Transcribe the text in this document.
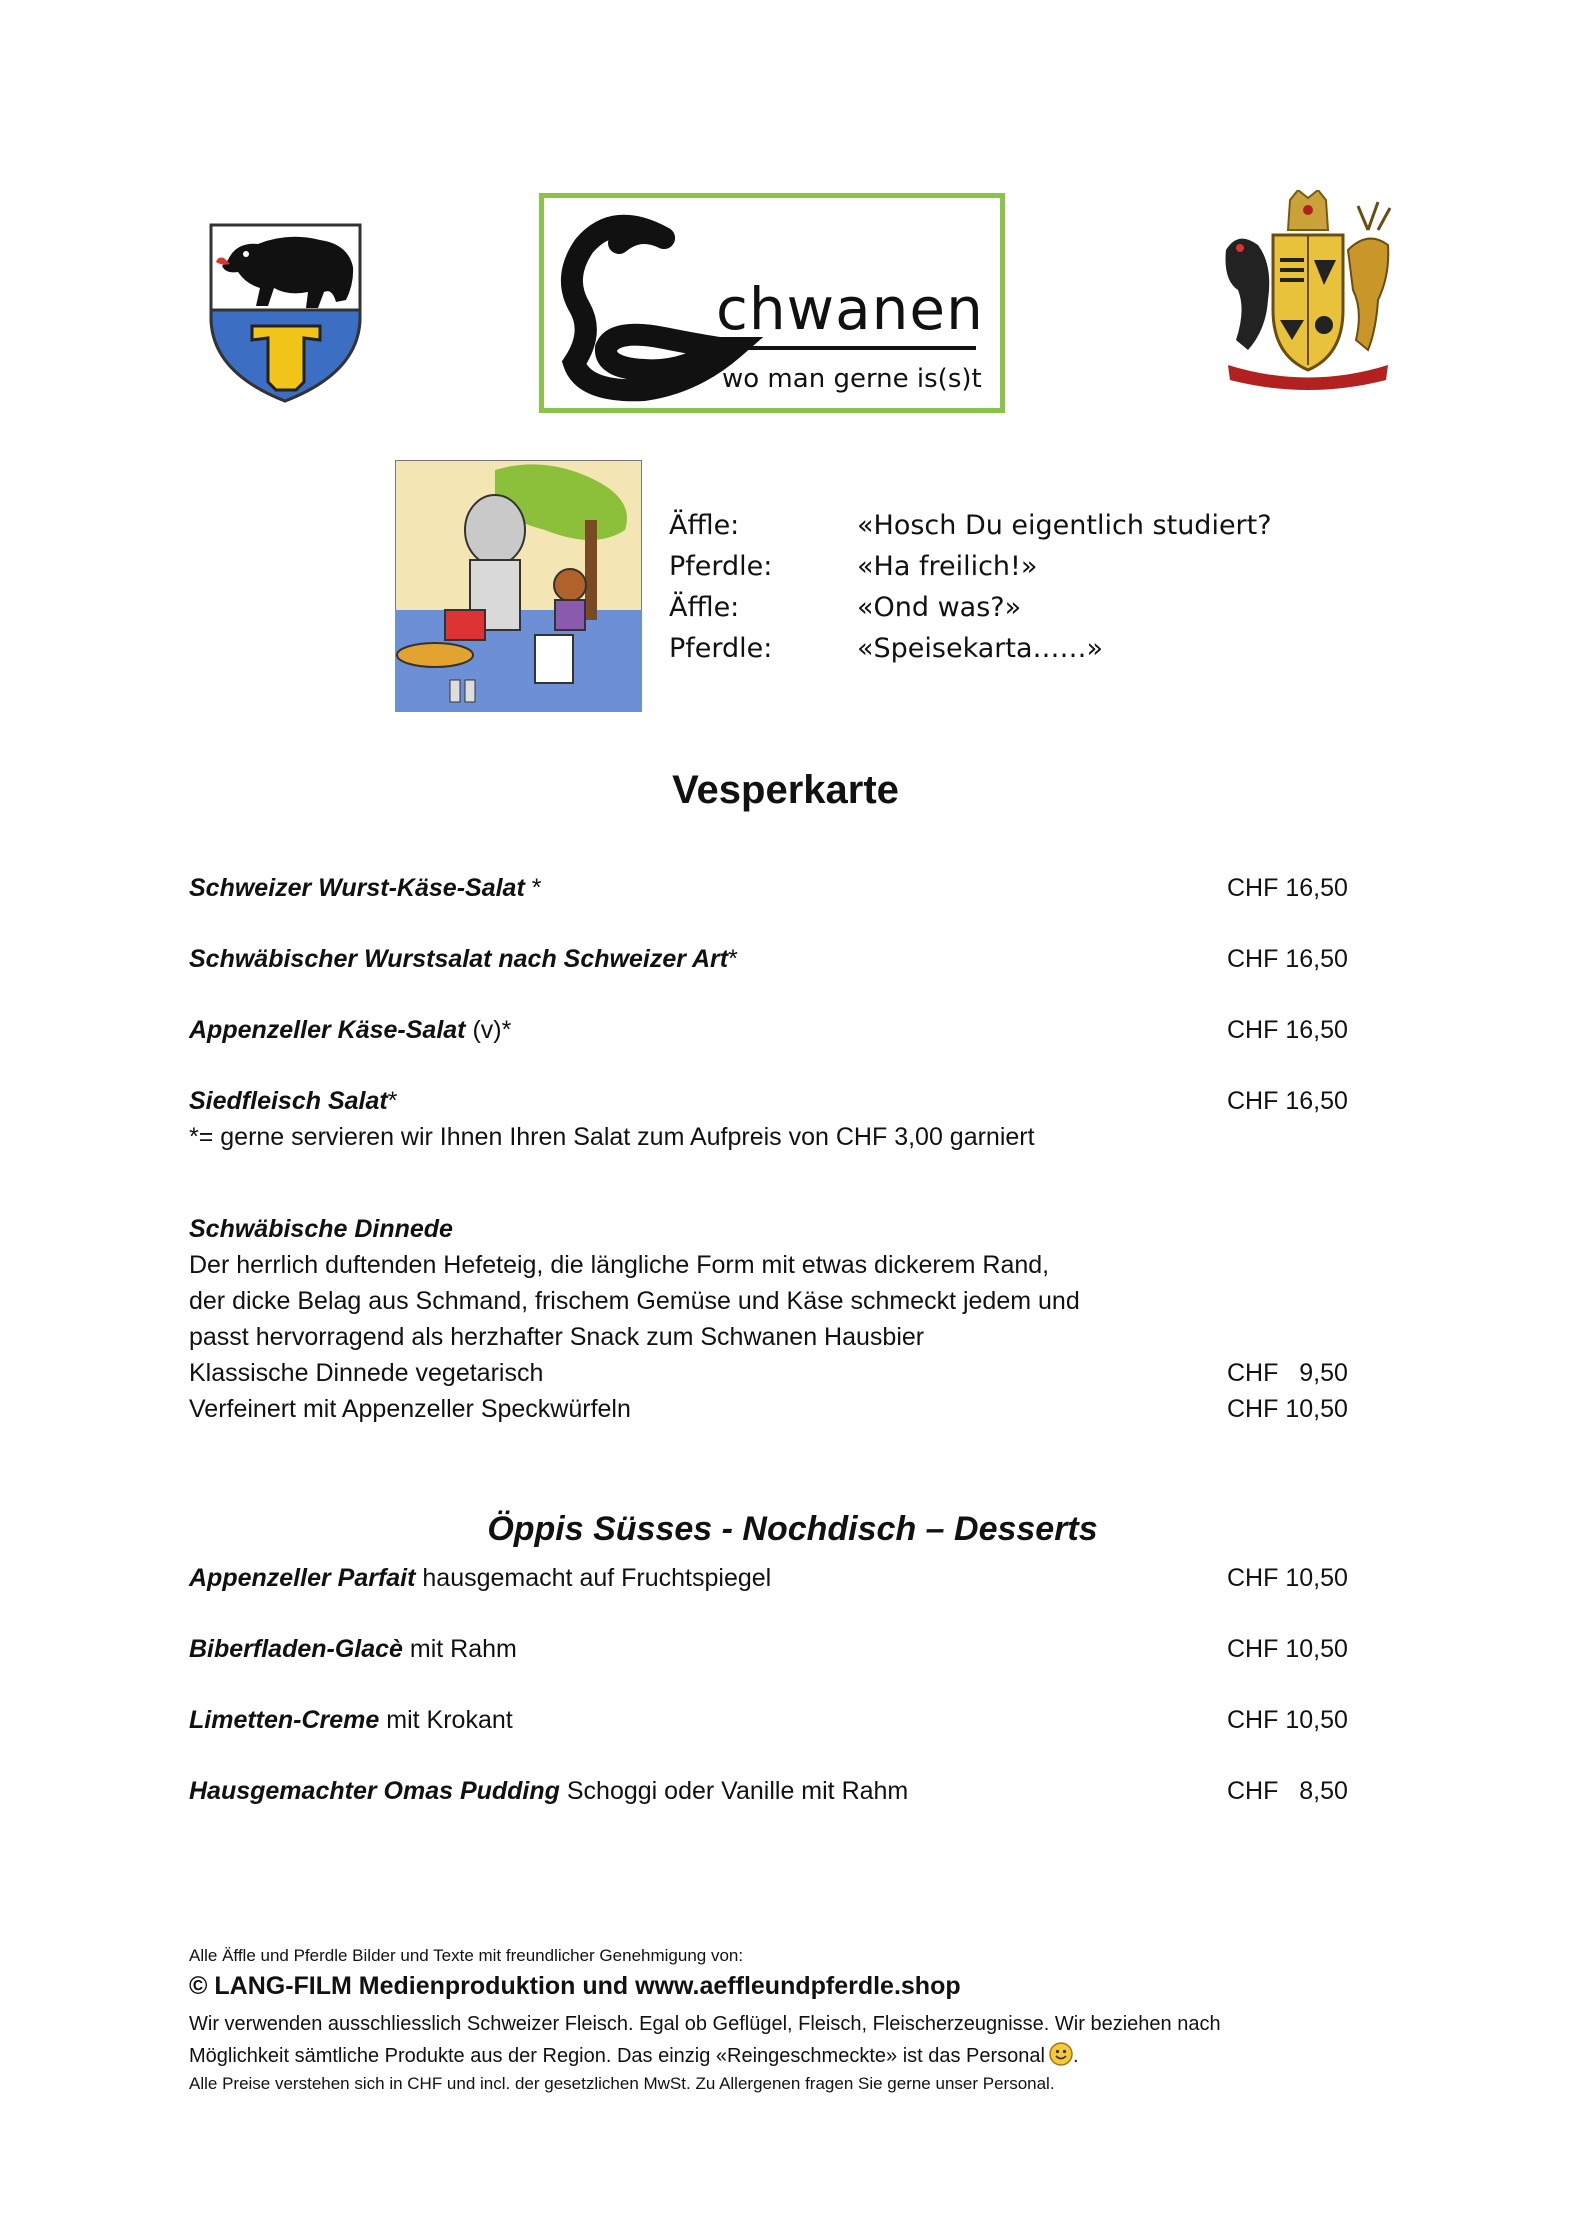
chwanen
wo man gerne is(s)t
Äffle:	«Hosch Du eigentlich studiert?
Pferdle:	«Ha freilich!»
Äffle:	«Ond was?»
Pferdle:	«Speisekarta……»
Vesperkarte
Schweizer Wurst-Käse-Salat *	CHF 16,50
Schwäbischer Wurstsalat nach Schweizer Art*	CHF 16,50
Appenzeller Käse-Salat (v)*	CHF 16,50
Siedfleisch Salat*	CHF 16,50
*= gerne servieren wir Ihnen Ihren Salat zum Aufpreis von CHF 3,00 garniert
Schwäbische Dinnede
Der herrlich duftenden Hefeteig, die längliche Form mit etwas dickerem Rand,
der dicke Belag aus Schmand, frischem Gemüse und Käse schmeckt jedem und
passt hervorragend als herzhafter Snack zum Schwanen Hausbier
Klassische Dinnede vegetarisch	CHF   9,50
Verfeinert mit Appenzeller Speckwürfeln	CHF 10,50
Öppis Süsses - Nochdisch – Desserts
Appenzeller Parfait hausgemacht auf Fruchtspiegel	CHF 10,50
Biberfladen-Glacè mit Rahm	CHF 10,50
Limetten-Creme mit Krokant	CHF 10,50
Hausgemachter Omas Pudding Schoggi oder Vanille mit Rahm	CHF   8,50
Alle Äffle und Pferdle Bilder und Texte mit freundlicher Genehmigung von:
© LANG-FILM Medienproduktion und www.aeffleundpferdle.shop
Wir verwenden ausschliesslich Schweizer Fleisch. Egal ob Geflügel, Fleisch, Fleischerzeugnisse. Wir beziehen nach
Möglichkeit sämtliche Produkte aus der Region. Das einzig «Reingeschmeckte» ist das Personal .
Alle Preise verstehen sich in CHF und incl. der gesetzlichen MwSt. Zu Allergenen fragen Sie gerne unser Personal.
